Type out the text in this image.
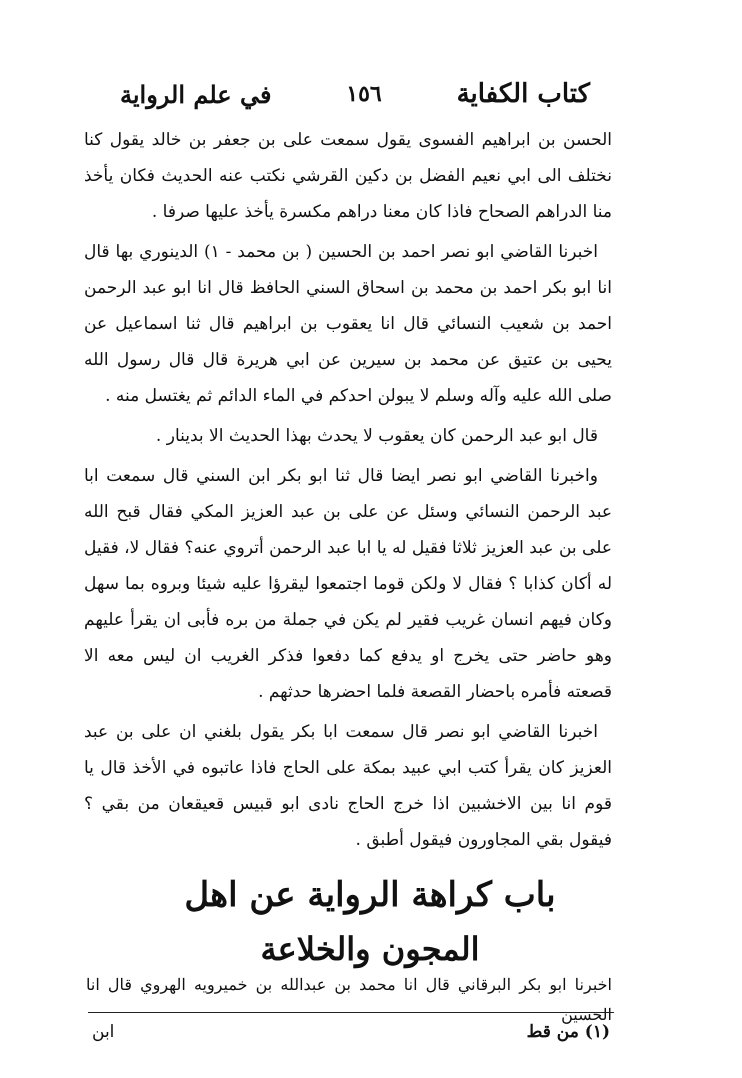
كتاب الكفاية
١٥٦
في علم الرواية

الحسن بن ابراهيم الفسوى يقول سمعت على بن جعفر بن خالد يقول كنا نختلف الى ابي نعيم الفضل بن دكين القرشي نكتب عنه الحديث فكان يأخذ منا الدراهم الصحاح فاذا كان معنا دراهم مكسرة يأخذ عليها صرفا .

اخبرنا القاضي ابو نصر احمد بن الحسين ( بن محمد - ١) الدينوري بها قال انا ابو بكر احمد بن محمد بن اسحاق السني الحافظ قال انا ابو عبد الرحمن احمد بن شعيب النسائي قال انا يعقوب بن ابراهيم قال ثنا اسماعيل عن يحيى بن عتيق عن محمد بن سيرين عن ابي هريرة قال قال رسول الله صلى الله عليه وآله وسلم لا يبولن احدكم في الماء الدائم ثم يغتسل منه .

قال ابو عبد الرحمن كان يعقوب لا يحدث بهذا الحديث الا بدينار .

واخبرنا القاضي ابو نصر ايضا قال ثنا ابو بكر ابن السني قال سمعت ابا عبد الرحمن النسائي وسئل عن على بن عبد العزيز المكي فقال قبح الله على بن عبد العزيز ثلاثا فقيل له يا ابا عبد الرحمن أتروي عنه؟ فقال لا، فقيل له أكان كذابا ؟ فقال لا ولكن قوما اجتمعوا ليقرؤا عليه شيئا وبروه بما سهل وكان فيهم انسان غريب فقير لم يكن في جملة من بره فأبى ان يقرأ عليهم وهو حاضر حتى يخرج او يدفع كما دفعوا فذكر الغريب ان ليس معه الا قصعته فأمره باحضار القصعة فلما احضرها حدثهم .

اخبرنا القاضي ابو نصر قال سمعت ابا بكر يقول بلغني ان على بن عبد العزيز كان يقرأ كتب ابي عبيد بمكة على الحاج فاذا عاتبوه في الأخذ قال يا قوم انا بين الاخشبين اذا خرج الحاج نادى ابو قبيس قعيقعان من بقي ؟ فيقول بقي المجاورون فيقول أطبق .

باب كراهة الرواية عن اهل
المجون والخلاعة
اخبرنا ابو بكر البرقاني قال انا محمد بن عبدالله بن خميرويه الهروي قال انا الحسين
(١) من قط
ابن
